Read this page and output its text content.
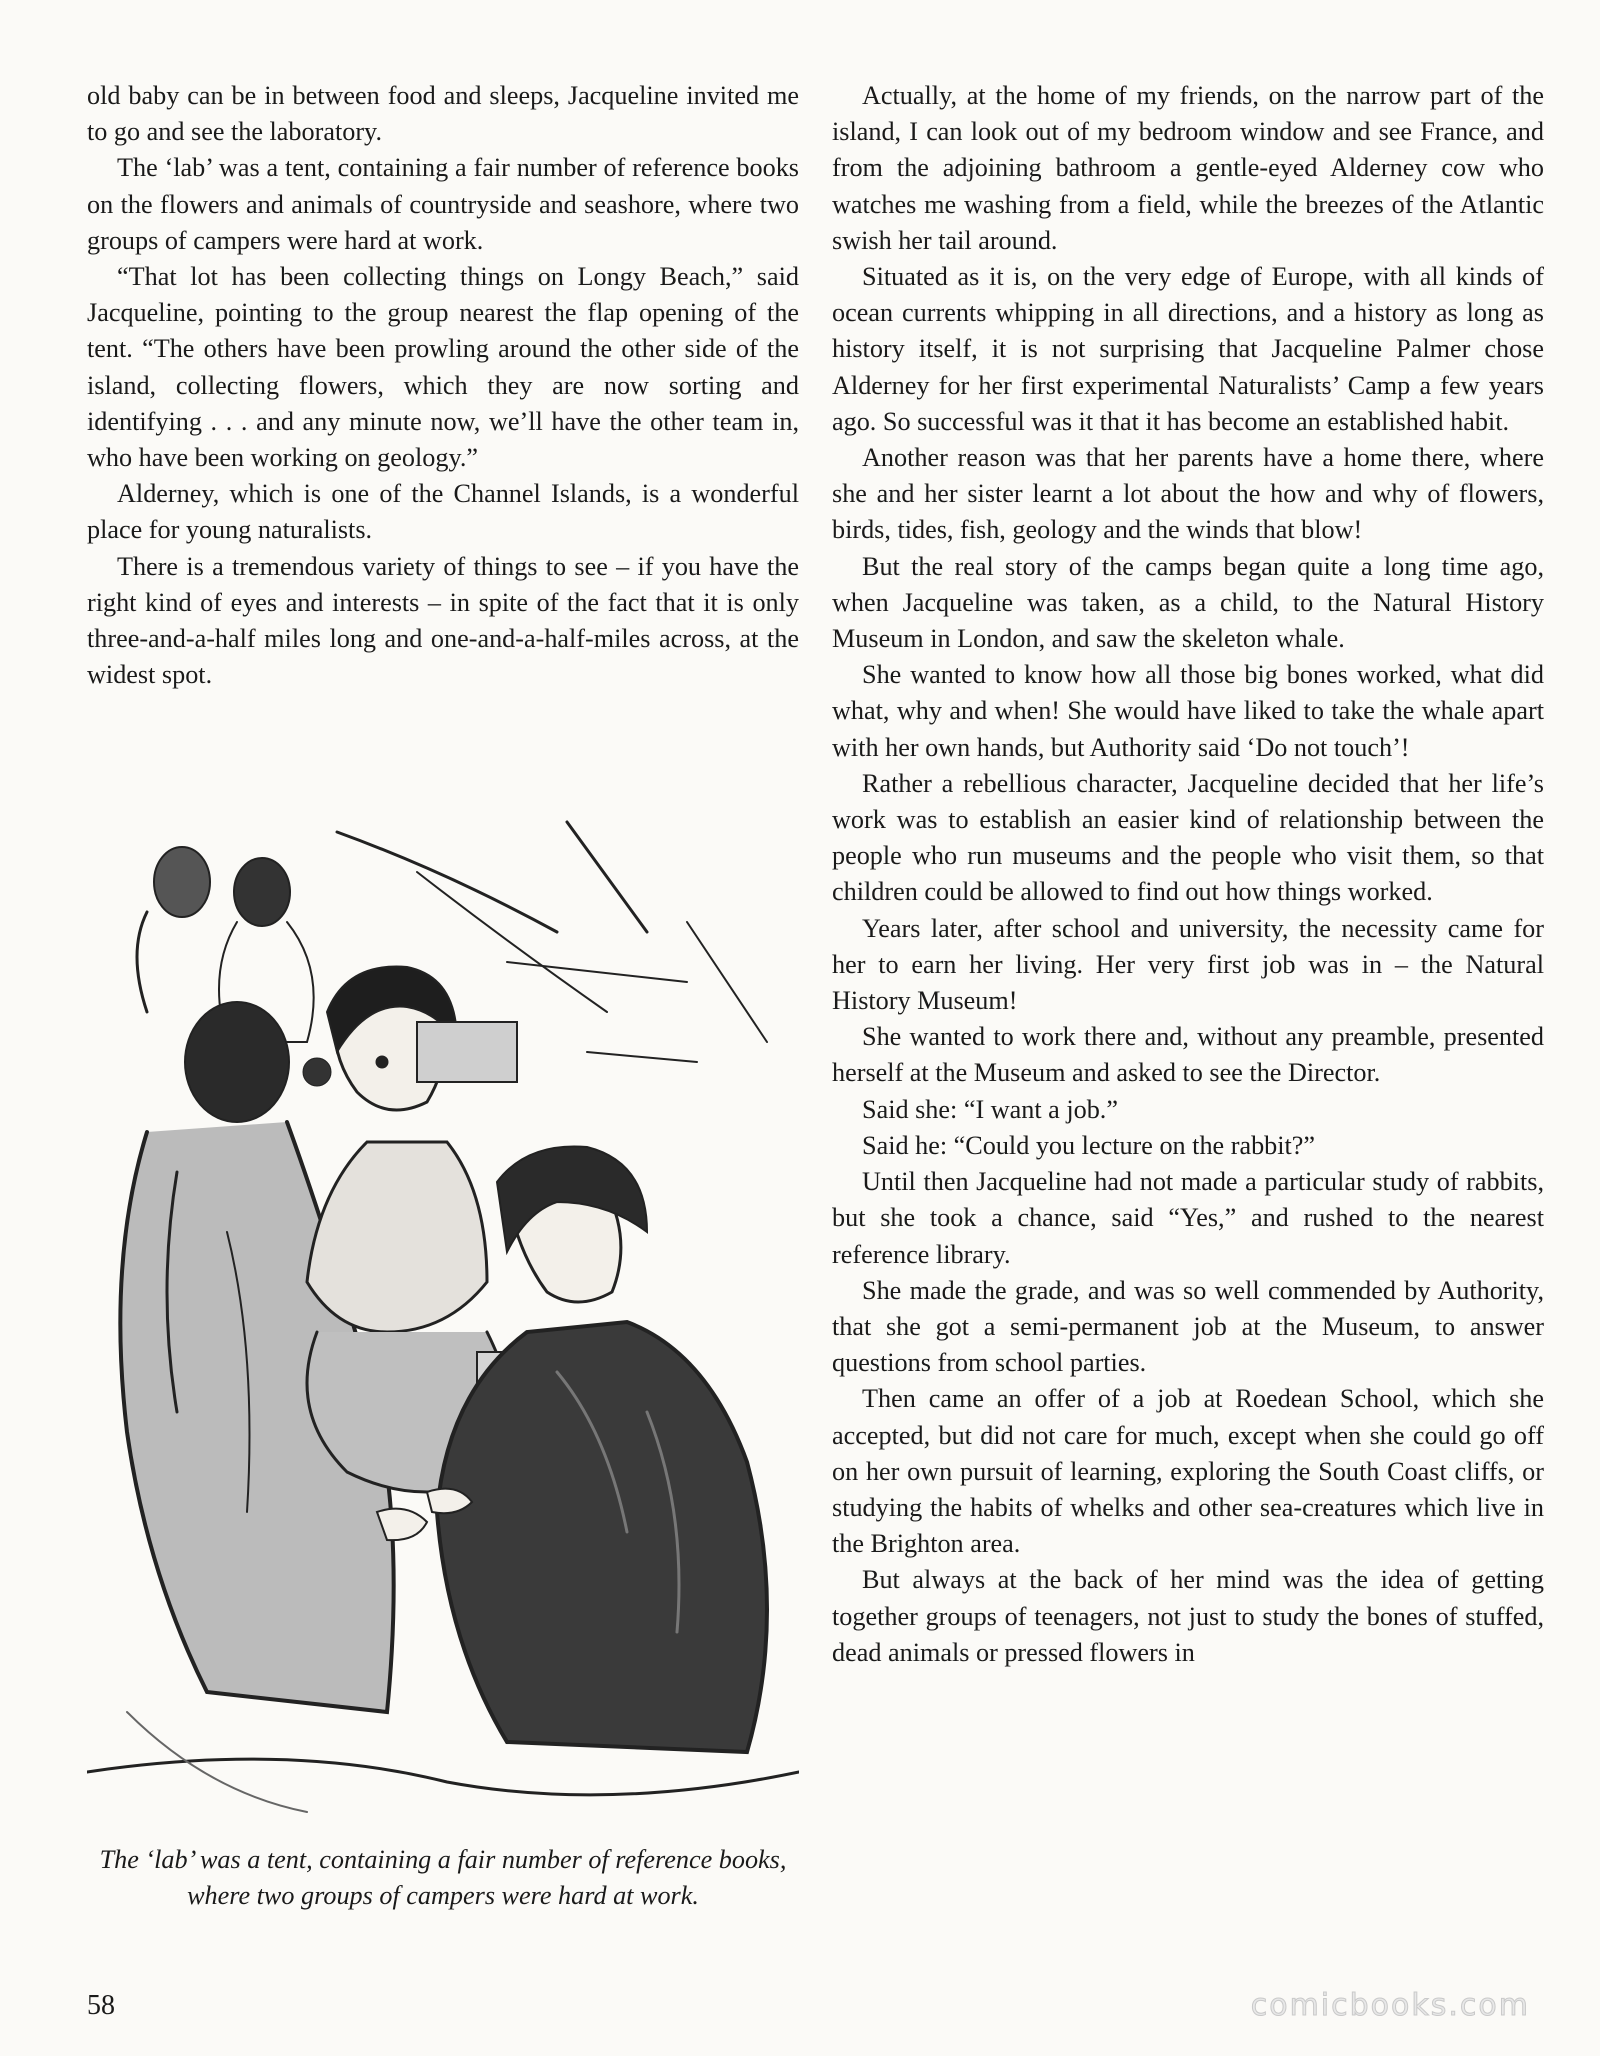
old baby can be in between food and sleeps, Jacqueline invited me to go and see the laboratory.

The ‘lab’ was a tent, containing a fair number of reference books on the flowers and animals of countryside and seashore, where two groups of campers were hard at work.

“That lot has been collecting things on Longy Beach,” said Jacqueline, pointing to the group nearest the flap opening of the tent. “The others have been prowling around the other side of the island, collecting flowers, which they are now sorting and identifying . . . and any minute now, we’ll have the other team in, who have been working on geology.”

Alderney, which is one of the Channel Islands, is a wonderful place for young naturalists.

There is a tremendous variety of things to see – if you have the right kind of eyes and interests – in spite of the fact that it is only three-and-a-half miles long and one-and-a-half-miles across, at the widest spot.

The ‘lab’ was a tent, containing a fair number of reference books, where two groups of campers were hard at work.

Actually, at the home of my friends, on the narrow part of the island, I can look out of my bedroom window and see France, and from the adjoining bathroom a gentle-eyed Alderney cow who watches me washing from a field, while the breezes of the Atlantic swish her tail around.

Situated as it is, on the very edge of Europe, with all kinds of ocean currents whipping in all directions, and a history as long as history itself, it is not surprising that Jacqueline Palmer chose Alderney for her first experimental Naturalists’ Camp a few years ago. So successful was it that it has become an established habit.

Another reason was that her parents have a home there, where she and her sister learnt a lot about the how and why of flowers, birds, tides, fish, geology and the winds that blow!

But the real story of the camps began quite a long time ago, when Jacqueline was taken, as a child, to the Natural History Museum in London, and saw the skeleton whale.

She wanted to know how all those big bones worked, what did what, why and when! She would have liked to take the whale apart with her own hands, but Authority said ‘Do not touch’!

Rather a rebellious character, Jacqueline decided that her life’s work was to establish an easier kind of relationship between the people who run museums and the people who visit them, so that children could be allowed to find out how things worked.

Years later, after school and university, the necessity came for her to earn her living. Her very first job was in – the Natural History Museum!

She wanted to work there and, without any preamble, presented herself at the Museum and asked to see the Director.

Said she: “I want a job.”

Said he: “Could you lecture on the rabbit?”

Until then Jacqueline had not made a particular study of rabbits, but she took a chance, said “Yes,” and rushed to the nearest reference library.

She made the grade, and was so well commended by Authority, that she got a semi-permanent job at the Museum, to answer questions from school parties.

Then came an offer of a job at Roedean School, which she accepted, but did not care for much, except when she could go off on her own pursuit of learning, exploring the South Coast cliffs, or studying the habits of whelks and other sea-creatures which live in the Brighton area.

But always at the back of her mind was the idea of getting together groups of teenagers, not just to study the bones of stuffed, dead animals or pressed flowers in

58	comicbooks.com
